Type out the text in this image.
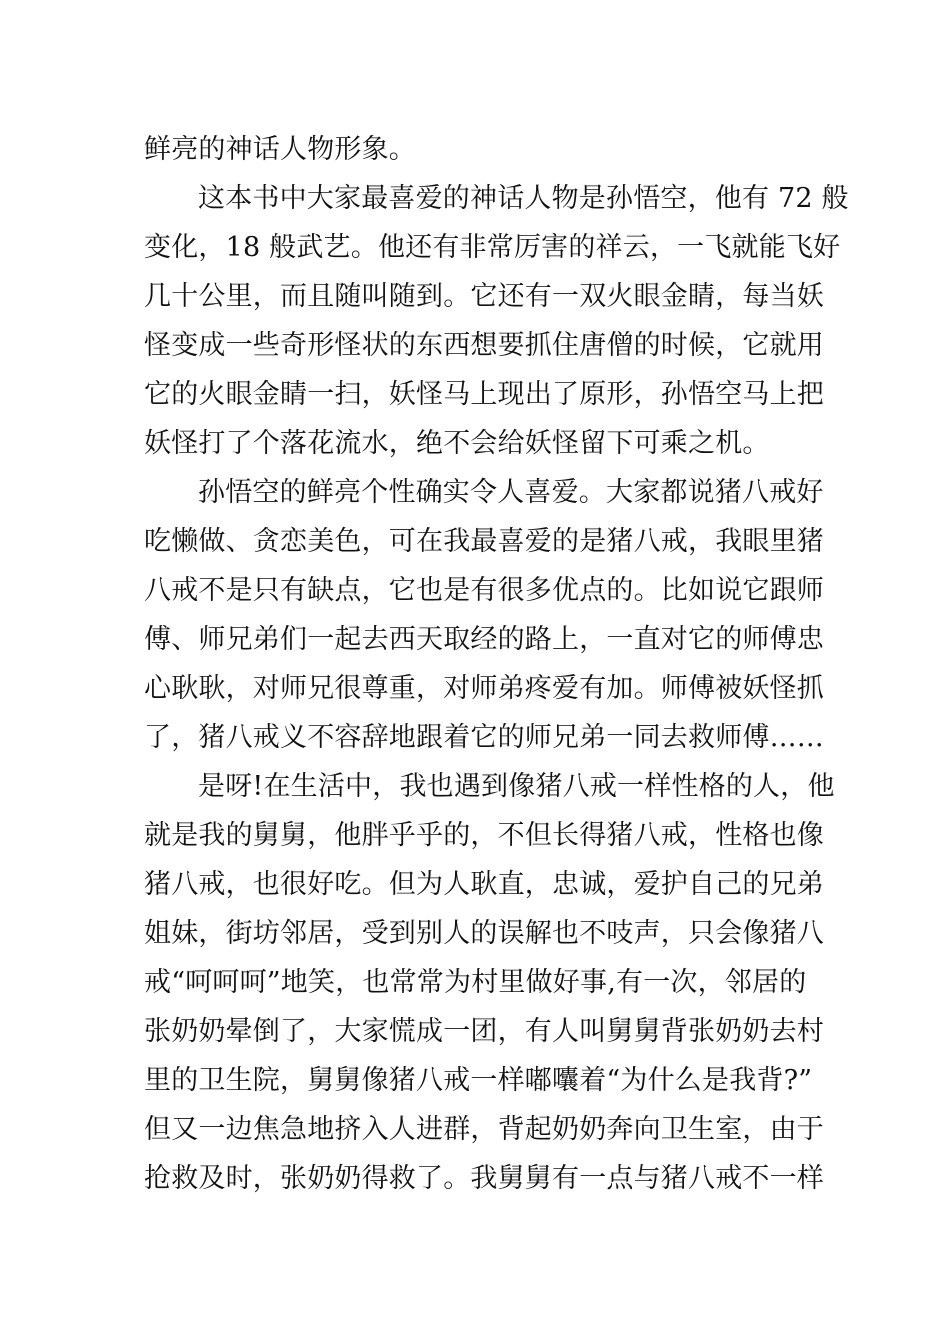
鲜亮的神话人物形象。
这本书中大家最喜爱的神话人物是孙悟空，他有 72 般
变化，18 般武艺。他还有非常厉害的祥云，一飞就能飞好
几十公里，而且随叫随到。它还有一双火眼金睛，每当妖
怪变成一些奇形怪状的东西想要抓住唐僧的时候，它就用
它的火眼金睛一扫，妖怪马上现出了原形，孙悟空马上把
妖怪打了个落花流水，绝不会给妖怪留下可乘之机。
孙悟空的鲜亮个性确实令人喜爱。大家都说猪八戒好
吃懒做、贪恋美色，可在我最喜爱的是猪八戒，我眼里猪
八戒不是只有缺点，它也是有很多优点的。比如说它跟师
傅、师兄弟们一起去西天取经的路上，一直对它的师傅忠
心耿耿，对师兄很尊重，对师弟疼爱有加。师傅被妖怪抓
了，猪八戒义不容辞地跟着它的师兄弟一同去救师傅……
是呀!在生活中，我也遇到像猪八戒一样性格的人，他
就是我的舅舅，他胖乎乎的，不但长得猪八戒，性格也像
猪八戒，也很好吃。但为人耿直，忠诚，爱护自己的兄弟
姐妹，街坊邻居，受到别人的误解也不吱声，只会像猪八
戒“呵呵呵”地笑，也常常为村里做好事,有一次，邻居的
张奶奶晕倒了，大家慌成一团，有人叫舅舅背张奶奶去村
里的卫生院，舅舅像猪八戒一样嘟囔着“为什么是我背?”
但又一边焦急地挤入人进群，背起奶奶奔向卫生室，由于
抢救及时，张奶奶得救了。我舅舅有一点与猪八戒不一样
